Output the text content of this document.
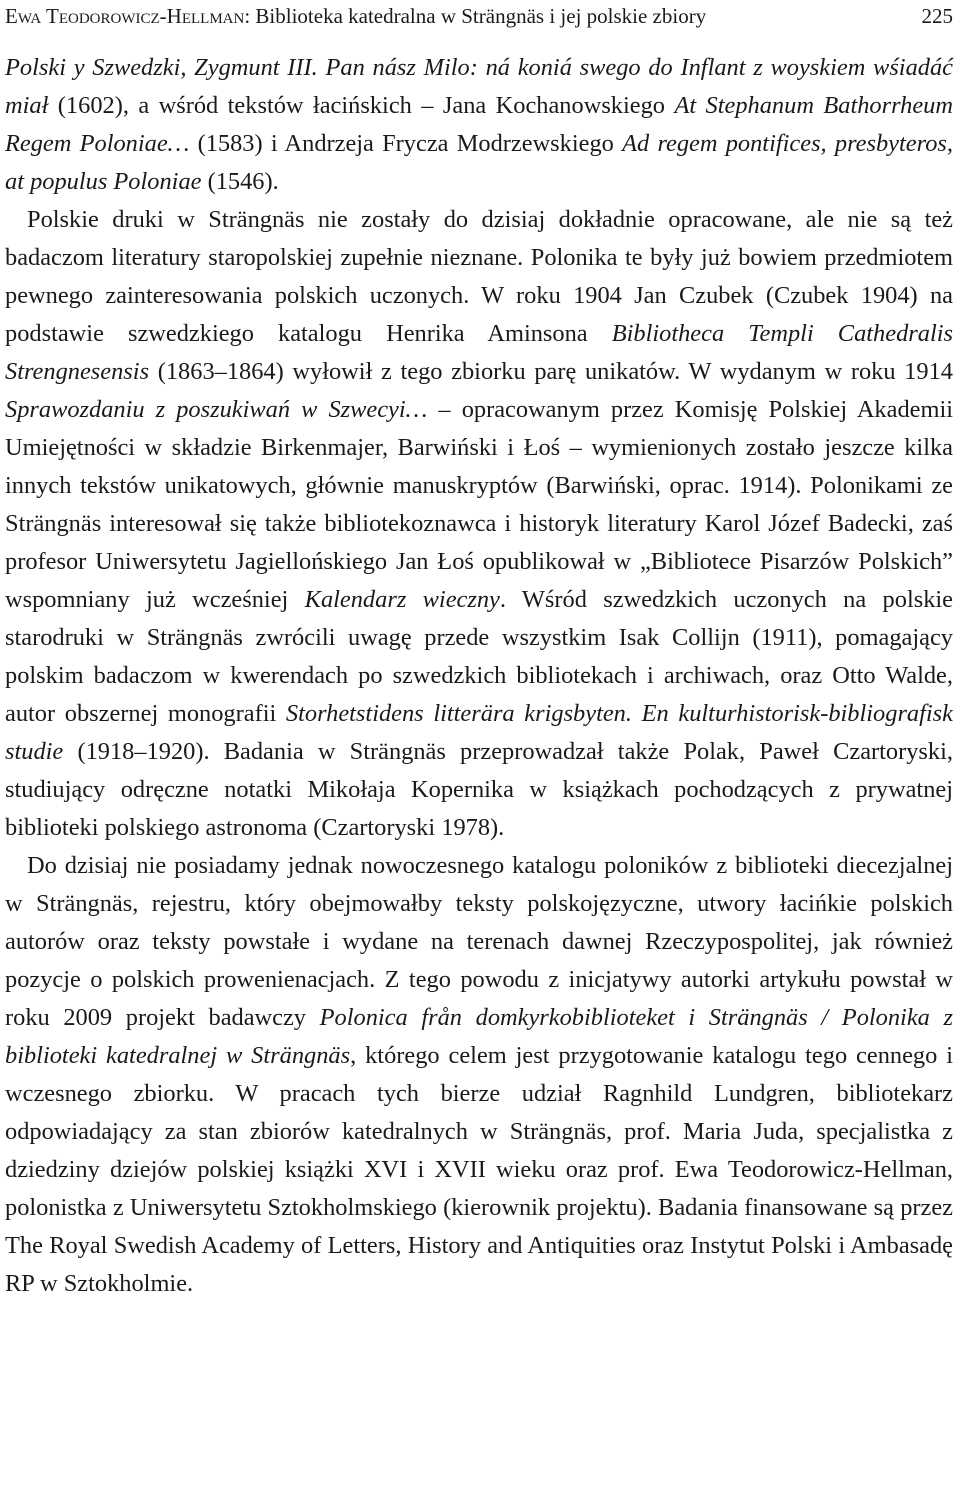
Ewa Teodorowicz-Hellman: Biblioteka katedralna w Strängnäs i jej polskie zbiory	225

Polski y Szwedzki, Zygmunt III. Pan nász Milo: ná koniá swego do Inflant z woyskiem wśiadáć miał (1602), a wśród tekstów łacińskich – Jana Kochanowskiego At Stephanum Bathorrheum Regem Poloniae… (1583) i Andrzeja Frycza Modrzewskiego Ad regem pontifices, presbyteros, at populus Poloniae (1546).

Polskie druki w Strängnäs nie zostały do dzisiaj dokładnie opracowane, ale nie są też badaczom literatury staropolskiej zupełnie nieznane. Polonika te były już bowiem przedmiotem pewnego zainteresowania polskich uczonych. W roku 1904 Jan Czubek (Czubek 1904) na podstawie szwedzkiego katalogu Henrika Aminsona Bibliotheca Templi Cathedralis Strengnesensis (1863–1864) wyłowił z tego zbiorku parę unikatów. W wydanym w roku 1914 Sprawozdaniu z poszukiwań w Szwecyi… – opracowanym przez Komisję Polskiej Akademii Umiejętności w składzie Birkenmajer, Barwiński i Łoś – wymienionych zostało jeszcze kilka innych tekstów unikatowych, głównie manuskryptów (Barwiński, oprac. 1914). Polonikami ze Strängnäs interesował się także bibliotekoznawca i historyk literatury Karol Józef Badecki, zaś profesor Uniwersytetu Jagiellońskiego Jan Łoś opublikował w „Bibliotece Pisarzów Polskich” wspomniany już wcześniej Kalendarz wieczny. Wśród szwedzkich uczonych na polskie starodruki w Strängnäs zwrócili uwagę przede wszystkim Isak Collijn (1911), pomagający polskim badaczom w kwerendach po szwedzkich bibliotekach i archiwach, oraz Otto Walde, autor obszernej monografii Storhetstidens litterära krigsbyten. En kulturhistorisk-bibliografisk studie (1918–1920). Badania w Strängnäs przeprowadzał także Polak, Paweł Czartoryski, studiujący odręczne notatki Mikołaja Kopernika w książkach pochodzących z prywatnej biblioteki polskiego astronoma (Czartoryski 1978).

Do dzisiaj nie posiadamy jednak nowoczesnego katalogu poloników z biblioteki diecezjalnej w Strängnäs, rejestru, który obejmowałby teksty polskojęzyczne, utwory łacińkie polskich autorów oraz teksty powstałe i wydane na terenach dawnej Rzeczypospolitej, jak również pozycje o polskich prowenienacjach. Z tego powodu z inicjatywy autorki artykułu powstał w roku 2009 projekt badawczy Polonica från domkyrkobiblioteket i Strängnäs / Polonika z biblioteki katedralnej w Strängnäs, którego celem jest przygotowanie katalogu tego cennego i wczesnego zbiorku. W pracach tych bierze udział Ragnhild Lundgren, bibliotekarz odpowiadający za stan zbiorów katedralnych w Strängnäs, prof. Maria Juda, specjalistka z dziedziny dziejów polskiej książki XVI i XVII wieku oraz prof. Ewa Teodorowicz-Hellman, polonistka z Uniwersytetu Sztokholmskiego (kierownik projektu). Badania finansowane są przez The Royal Swedish Academy of Letters, History and Antiquities oraz Instytut Polski i Ambasadę RP w Sztokholmie.
